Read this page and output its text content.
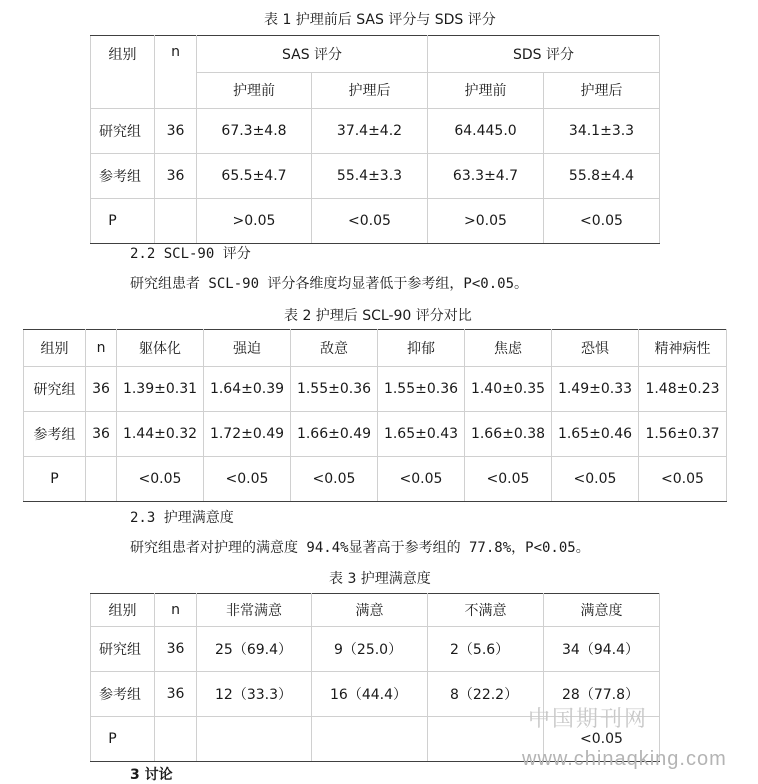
表 1 护理前后 SAS 评分与 SDS 评分
组别	n	SAS 评分		SDS 评分	
		护理前	护理后	护理前	护理后
研究组	36	67.3±4.8	37.4±4.2	64.445.0	34.1±3.3
参考组	36	65.5±4.7	55.4±3.3	63.3±4.7	55.8±4.4
P		>0.05	<0.05	>0.05	<0.05
2.2 SCL-90 评分
研究组患者 SCL-90 评分各维度均显著低于参考组，P<0.05。
表 2 护理后 SCL-90 评分对比
组别	n	躯体化	强迫	敌意	抑郁	焦虑	恐惧	精神病性
研究组	36	1.39±0.31	1.64±0.39	1.55±0.36	1.55±0.36	1.40±0.35	1.49±0.33	1.48±0.23
参考组	36	1.44±0.32	1.72±0.49	1.66±0.49	1.65±0.43	1.66±0.38	1.65±0.46	1.56±0.37
P		<0.05	<0.05	<0.05	<0.05	<0.05	<0.05	<0.05
2.3 护理满意度
研究组患者对护理的满意度 94.4%显著高于参考组的 77.8%，P<0.05。
表 3 护理满意度
组别	n	非常满意	满意	不满意	满意度
研究组	36	25（69.4）	9（25.0）	2（5.6）	34（94.4）
参考组	36	12（33.3）	16（44.4）	8（22.2）	28（77.8）
P					<0.05
3 讨论
中国期刊网
www.chinaqking.com
